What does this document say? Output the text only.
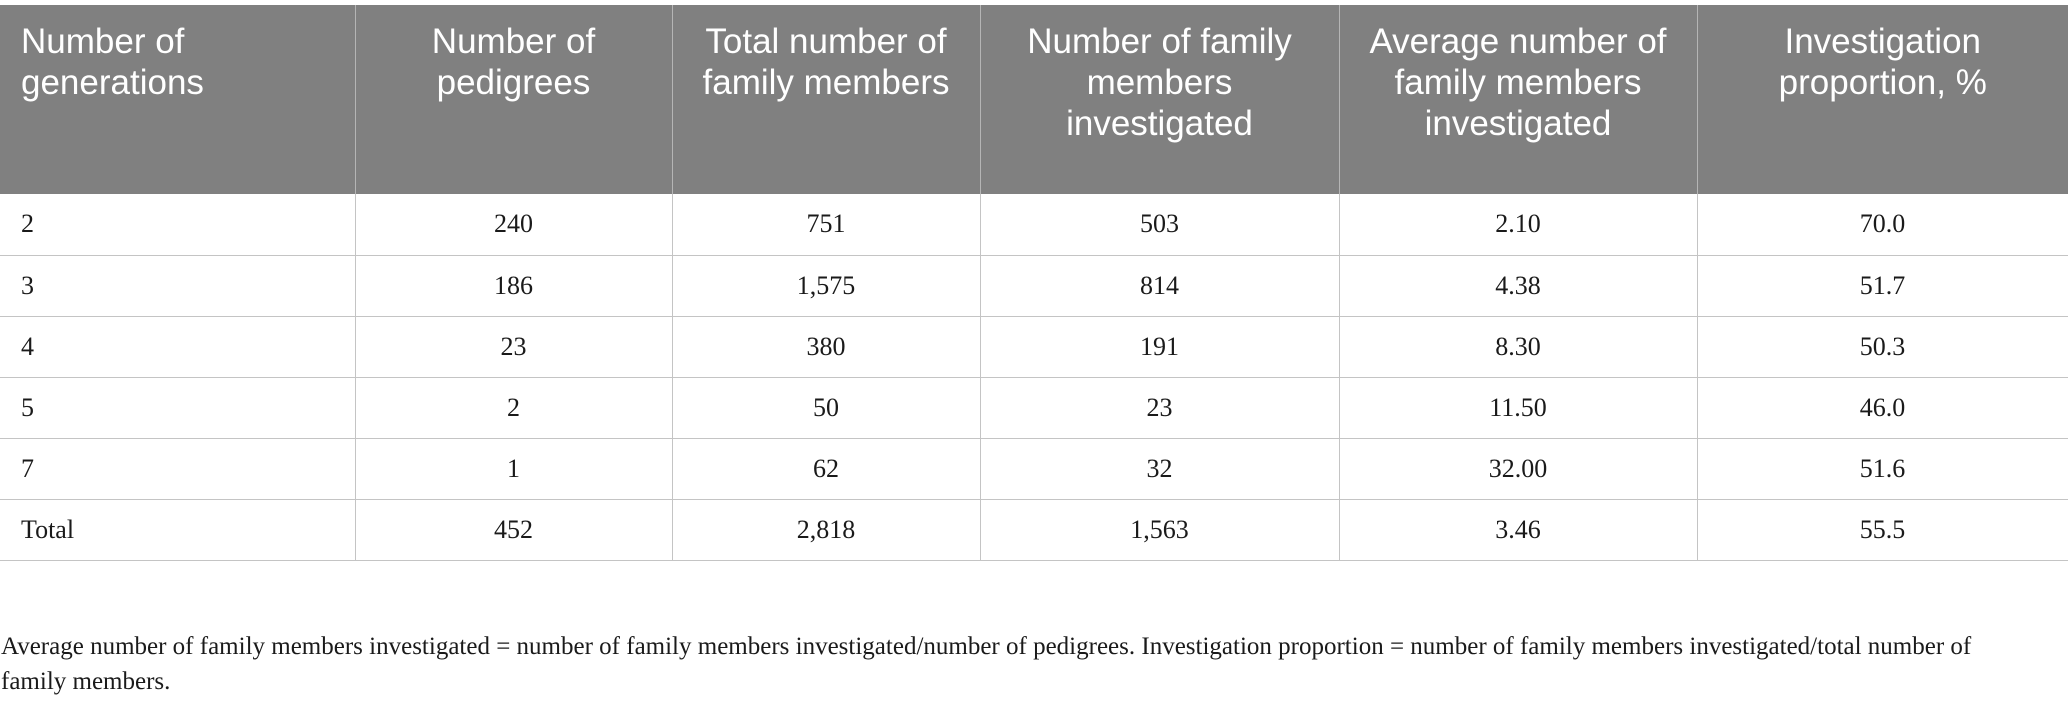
Number of generations	Number of pedigrees	Total number of family members	Number of family members investigated	Average number of family members investigated	Investigation proportion, %
2	240	751	503	2.10	70.0
3	186	1,575	814	4.38	51.7
4	23	380	191	8.30	50.3
5	2	50	23	11.50	46.0
7	1	62	32	32.00	51.6
Total	452	2,818	1,563	3.46	55.5

Average number of family members investigated = number of family members investigated/number of pedigrees. Investigation proportion = number of family members investigated/total number of family members.
